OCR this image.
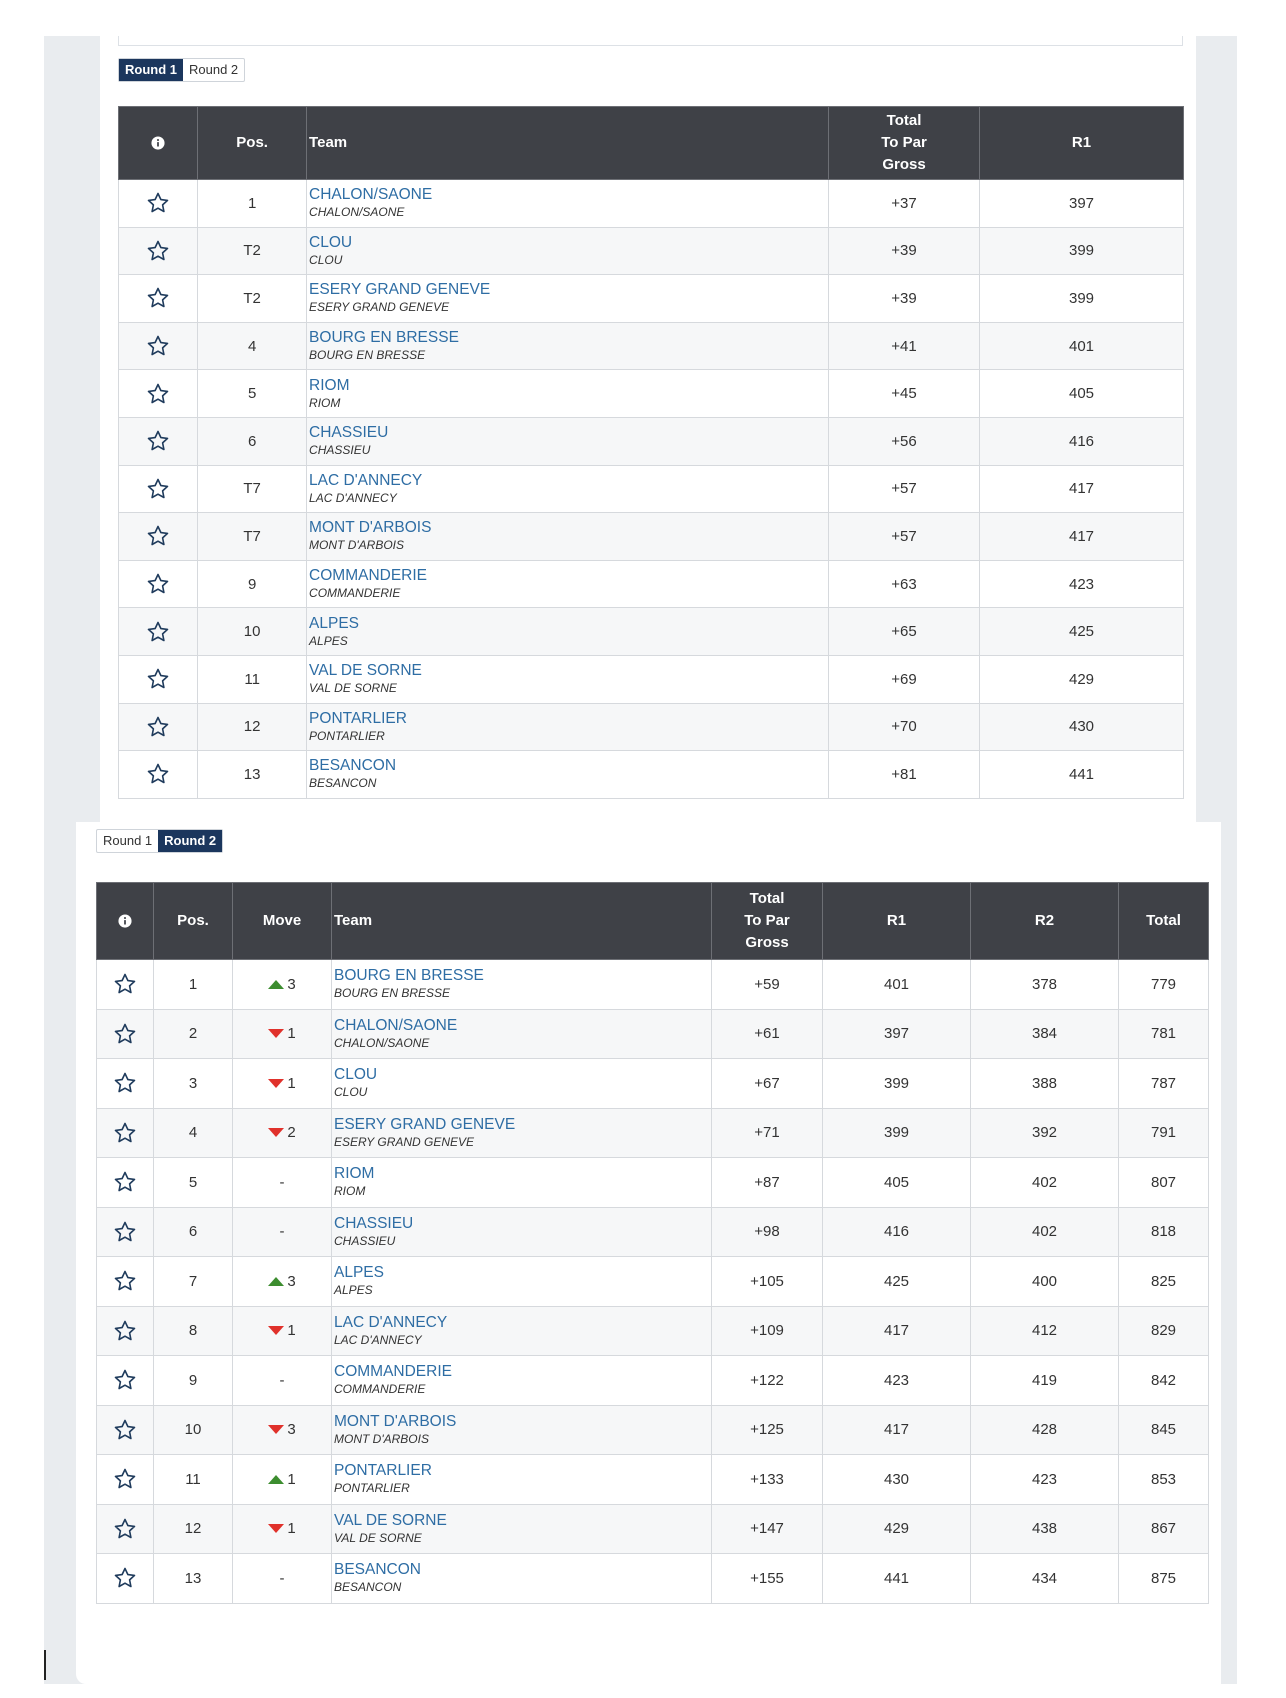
Round 1 Round 2
	Pos.	Team	Total
To Par
Gross	R1
	1	CHALON/SAONE
CHALON/SAONE	+37	397
	T2	CLOU
CLOU	+39	399
	T2	ESERY GRAND GENEVE
ESERY GRAND GENEVE	+39	399
	4	BOURG EN BRESSE
BOURG EN BRESSE	+41	401
	5	RIOM
RIOM	+45	405
	6	CHASSIEU
CHASSIEU	+56	416
	T7	LAC D'ANNECY
LAC D'ANNECY	+57	417
	T7	MONT D'ARBOIS
MONT D'ARBOIS	+57	417
	9	COMMANDERIE
COMMANDERIE	+63	423
	10	ALPES
ALPES	+65	425
	11	VAL DE SORNE
VAL DE SORNE	+69	429
	12	PONTARLIER
PONTARLIER	+70	430
	13	BESANCON
BESANCON	+81	441
Round 1 Round 2
	Pos.	Move	Team	Total
To Par
Gross	R1	R2	Total
	1	3	BOURG EN BRESSE
BOURG EN BRESSE	+59	401	378	779
	2	1	CHALON/SAONE
CHALON/SAONE	+61	397	384	781
	3	1	CLOU
CLOU	+67	399	388	787
	4	2	ESERY GRAND GENEVE
ESERY GRAND GENEVE	+71	399	392	791
	5	-	RIOM
RIOM	+87	405	402	807
	6	-	CHASSIEU
CHASSIEU	+98	416	402	818
	7	3	ALPES
ALPES	+105	425	400	825
	8	1	LAC D'ANNECY
LAC D'ANNECY	+109	417	412	829
	9	-	COMMANDERIE
COMMANDERIE	+122	423	419	842
	10	3	MONT D'ARBOIS
MONT D'ARBOIS	+125	417	428	845
	11	1	PONTARLIER
PONTARLIER	+133	430	423	853
	12	1	VAL DE SORNE
VAL DE SORNE	+147	429	438	867
	13	-	BESANCON
BESANCON	+155	441	434	875
